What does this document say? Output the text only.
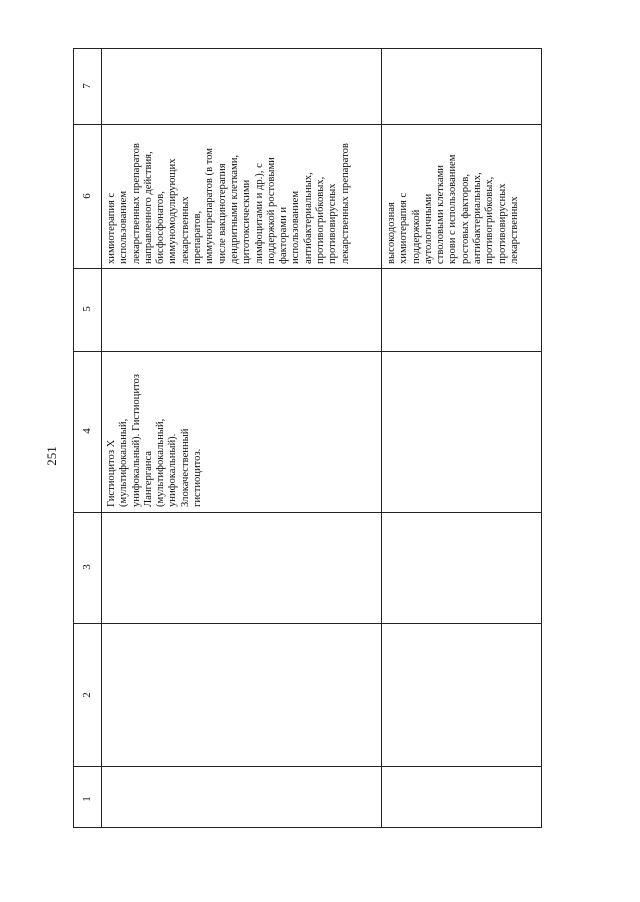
251
1
2
3
4
5
6
7
Гистиоцитоз X
(мультифокальный,
унифокальный). Гистиоцитоз
Лангерганса
(мультифокальный,
унифокальный).
Злокачественный
гистиоцитоз.
химиотерапия с
использованием
лекарственных препаратов
направленного действия,
бисфосфонатов,
иммуномодулирующих
лекарственных
препаратов,
иммунопрепаратов (в том
числе вакцинотерапия
дендритными клетками,
цитотоксическими
лимфоцитами и др.), с
поддержкой ростовыми
факторами и
использованием
антибактериальных,
противогрибковых,
противовирусных
лекарственных препаратов
высокодозная
химиотерапия с
поддержкой
аутологичными
стволовыми клетками
крови с использованием
ростовых факторов,
антибактериальных,
противогрибковых,
противовирусных
лекарственных
